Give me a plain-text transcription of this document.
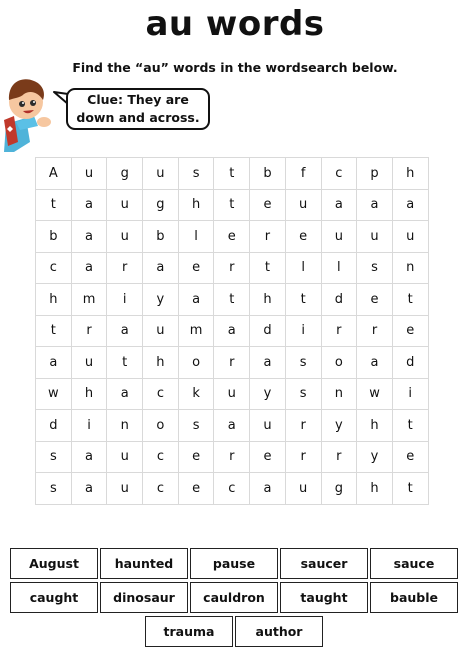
au words
Find the “au” words in the wordsearch below.
Clue: They are
down and across.
A	u	g	u	s	t	b	f	c	p	h
t	a	u	g	h	t	e	u	a	a	a
b	a	u	b	l	e	r	e	u	u	u
c	a	r	a	e	r	t	l	l	s	n
h	m	i	y	a	t	h	t	d	e	t
t	r	a	u	m	a	d	i	r	r	e
a	u	t	h	o	r	a	s	o	a	d
w	h	a	c	k	u	y	s	n	w	i
d	i	n	o	s	a	u	r	y	h	t
s	a	u	c	e	r	e	r	r	y	e
s	a	u	c	e	c	a	u	g	h	t
August	haunted	pause	saucer	sauce
caught	dinosaur	cauldron	taught	bauble
trauma	author
